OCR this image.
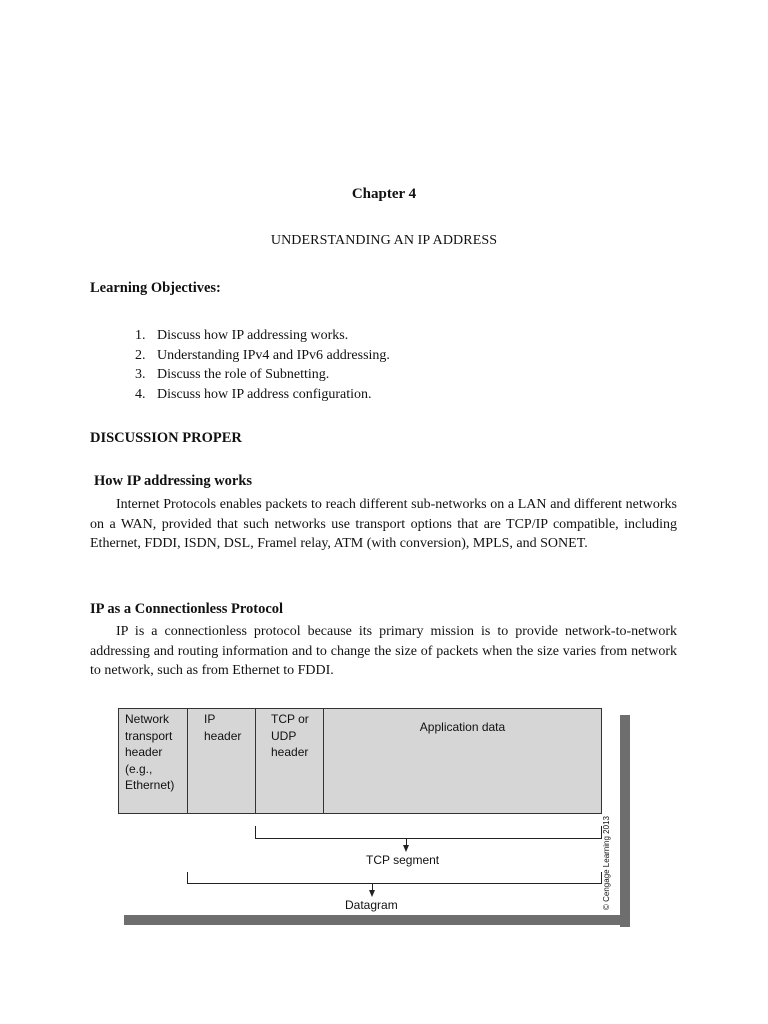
Chapter 4
UNDERSTANDING AN IP ADDRESS
Learning Objectives:
1. Discuss how IP addressing works.
2. Understanding IPv4 and IPv6 addressing.
3. Discuss the role of Subnetting.
4. Discuss how IP address configuration.
DISCUSSION PROPER
How IP addressing works

Internet Protocols enables packets to reach different sub-networks on a LAN and different networks on a WAN, provided that such networks use transport options that are TCP/IP compatible, including Ethernet, FDDI, ISDN, DSL, Framel relay, ATM (with conversion), MPLS, and SONET.

IP as a Connectionless Protocol

IP is a connectionless protocol because its primary mission is to provide network-to-network addressing and routing information and to change the size of packets when the size varies from network to network, such as from Ethernet to FDDI.

Network
transport
header
(e.g.,
Ethernet)
IP
header
TCP or
UDP
header
Application data
TCP segment
Datagram	© Cengage Learning 2013
